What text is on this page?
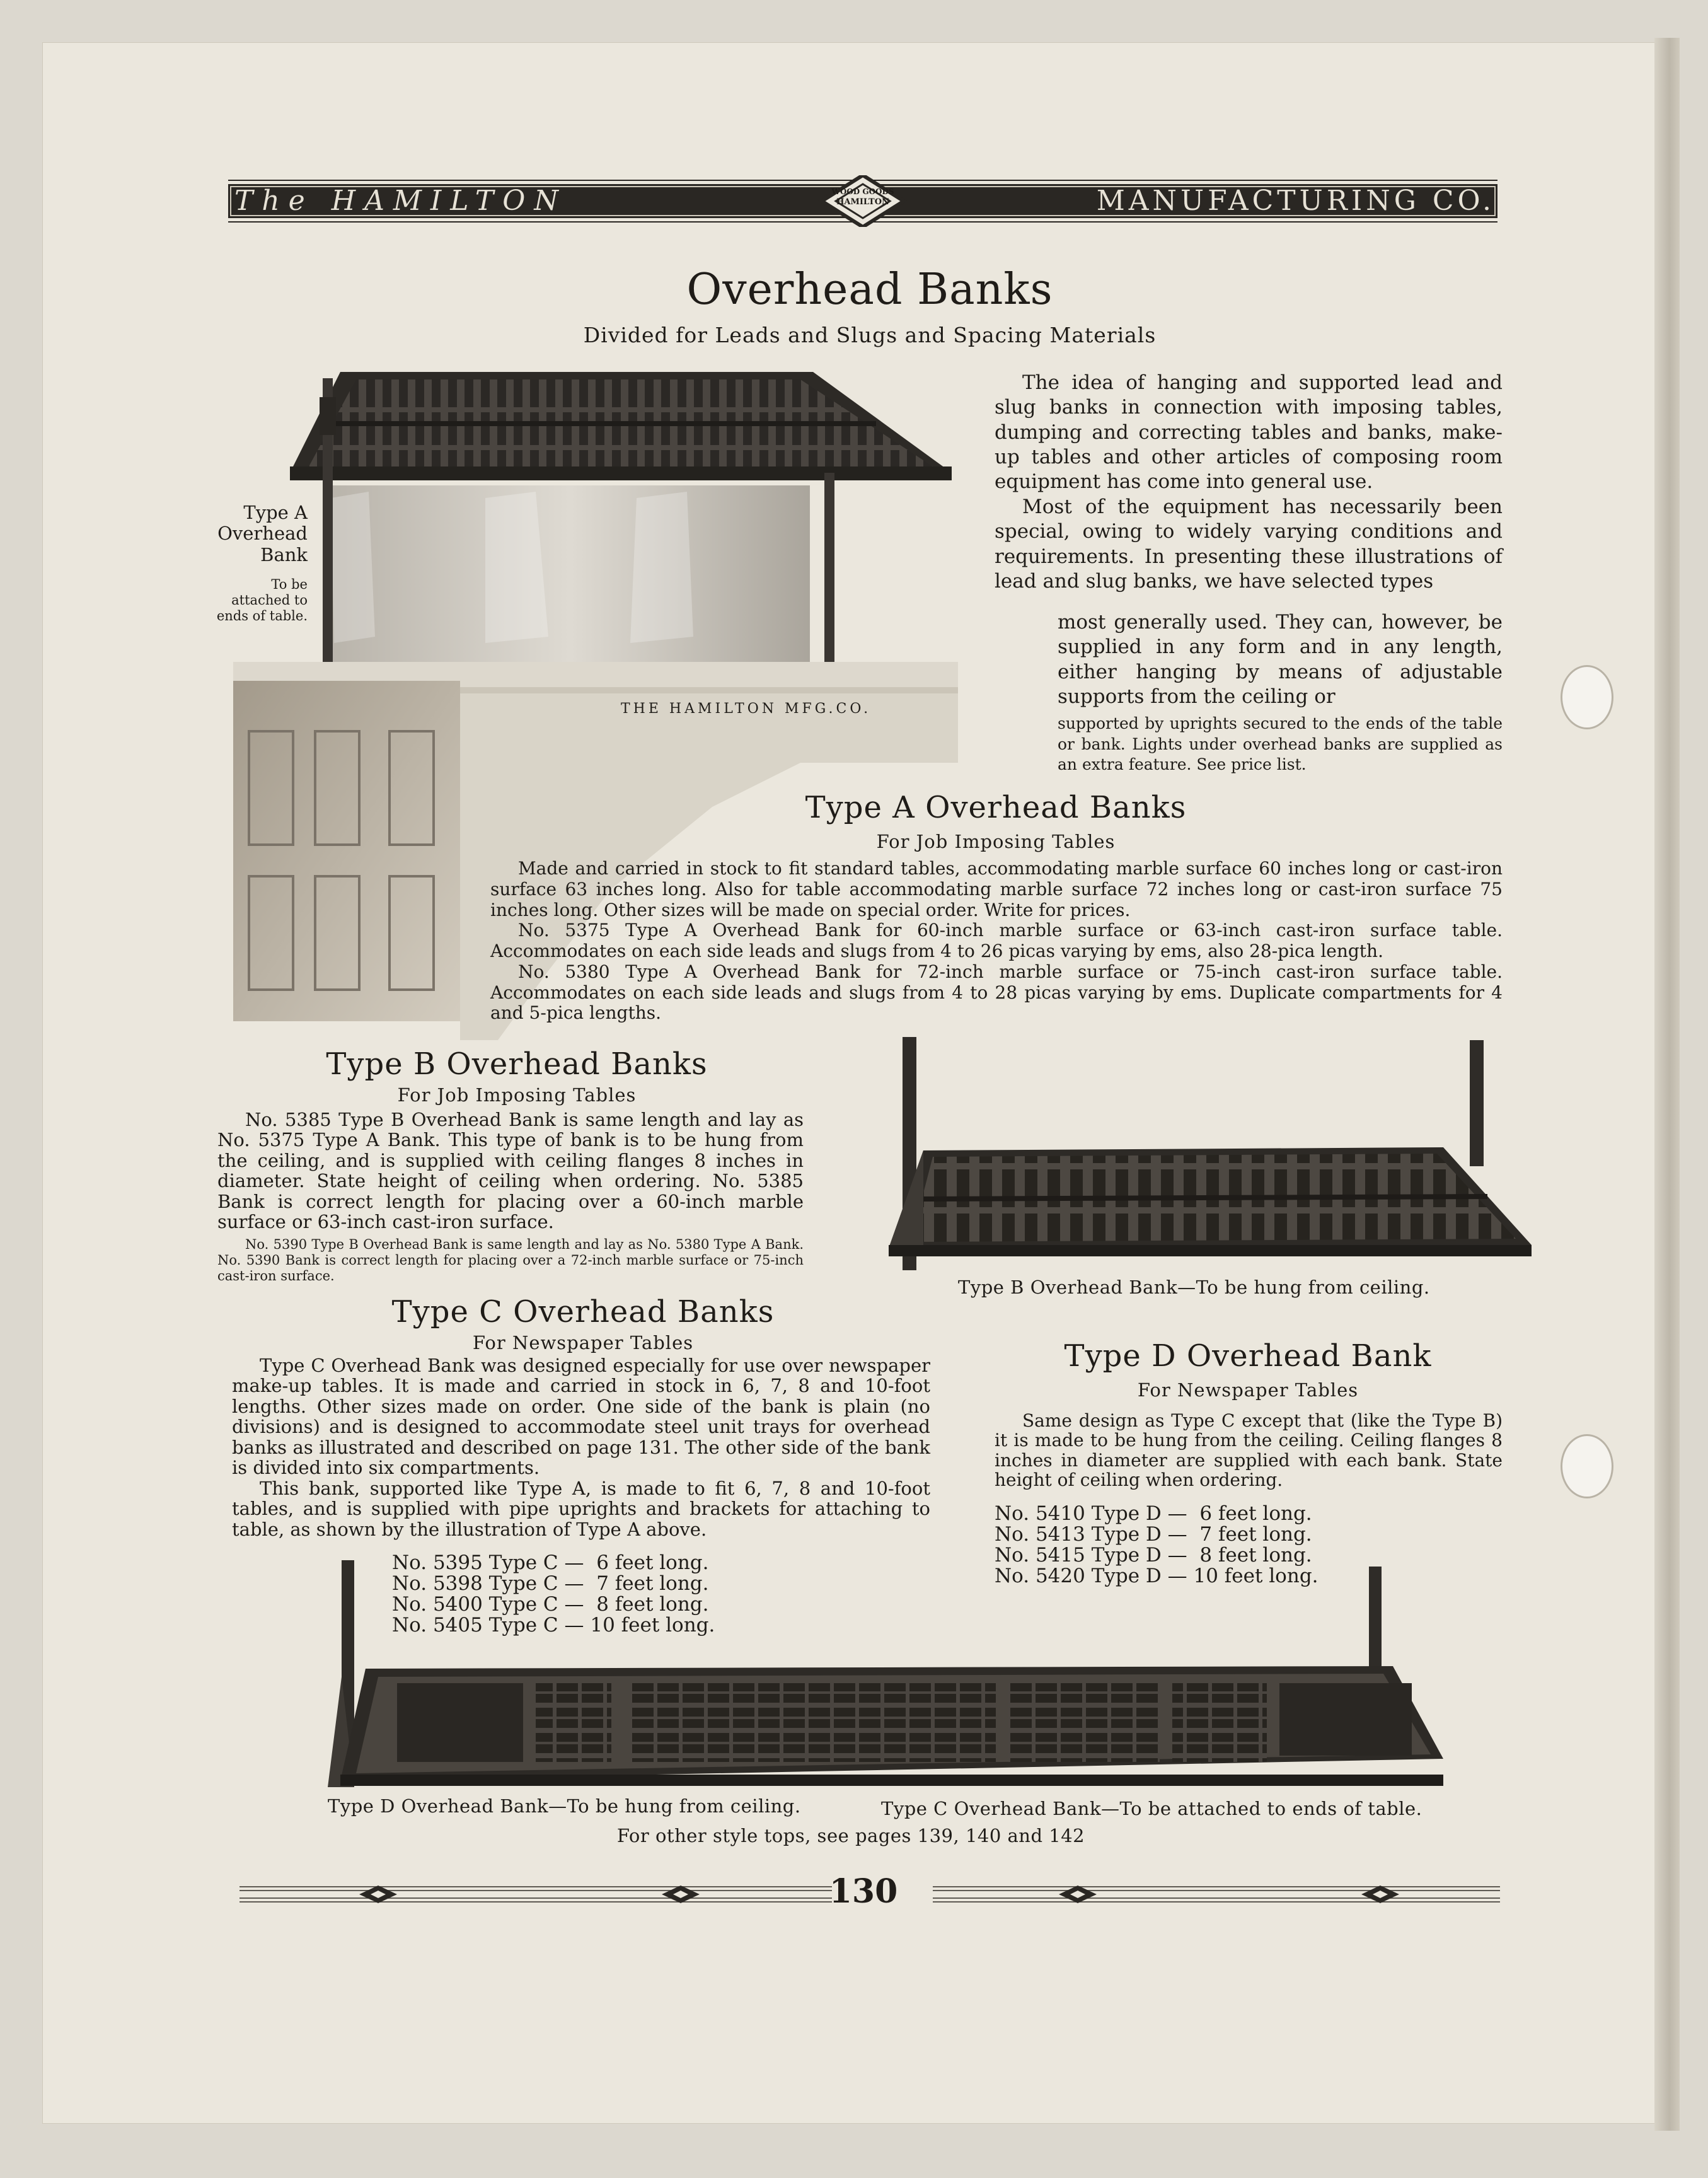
The HAMILTON	MANUFACTURING CO.
WOOD GOODS
HAMILTON
Overhead Banks
Divided for Leads and Slugs and Spacing Materials
THE HAMILTON MFG.CO.
Type A
Overhead
Bank
To be
attached to
ends of table.

The idea of hanging and supported lead and slug banks in connection with imposing tables, dumping and correcting tables and banks, make-up tables and other articles of composing room equipment has come into general use.

Most of the equipment has necessarily been special, owing to widely varying conditions and requirements. In presenting these illustrations of lead and slug banks, we have selected types

most generally used. They can, however, be supplied in any form and in any length, either hanging by means of adjustable supports from the ceiling or
supported by uprights secured to the ends of the table or bank. Lights under overhead banks are supplied as an extra feature. See price list.
Type A Overhead Banks
For Job Imposing Tables

Made and carried in stock to fit standard tables, accommodating marble surface 60 inches long or cast-iron surface 63 inches long. Also for table accommodating marble surface 72 inches long or cast-iron surface 75 inches long. Other sizes will be made on special order. Write for prices.

No. 5375 Type A Overhead Bank for 60-inch marble surface or 63-inch cast-iron surface table. Accommodates on each side leads and slugs from 4 to 26 picas varying by ems, also 28-pica length.

No. 5380 Type A Overhead Bank for 72-inch marble surface or 75-inch cast-iron surface table. Accommodates on each side leads and slugs from 4 to 28 picas varying by ems. Duplicate compartments for 4 and 5-pica lengths.

Type B Overhead Banks
For Job Imposing Tables

No. 5385 Type B Overhead Bank is same length and lay as No. 5375 Type A Bank. This type of bank is to be hung from the ceiling, and is supplied with ceiling flanges 8 inches in diameter. State height of ceiling when ordering. No. 5385 Bank is correct length for placing over a 60-inch marble surface or 63-inch cast-iron surface.

No. 5390 Type B Overhead Bank is same length and lay as No. 5380 Type A Bank. No. 5390 Bank is correct length for placing over a 72-inch marble surface or 75-inch cast-iron surface.

Type B Overhead Bank—To be hung from ceiling.
Type C Overhead Banks
For Newspaper Tables

Type C Overhead Bank was designed especially for use over newspaper make-up tables. It is made and carried in stock in 6, 7, 8 and 10-foot lengths. Other sizes made on order. One side of the bank is plain (no divisions) and is designed to accommodate steel unit trays for overhead banks as illustrated and described on page 131. The other side of the bank is divided into six compartments.

This bank, supported like Type A, is made to fit 6, 7, 8 and 10-foot tables, and is supplied with pipe uprights and brackets for attaching to table, as shown by the illustration of Type A above.

No. 5395 Type C —  6 feet long.
No. 5398 Type C —  7 feet long.
No. 5400 Type C —  8 feet long.
No. 5405 Type C — 10 feet long.
Type D Overhead Bank
For Newspaper Tables

Same design as Type C except that (like the Type B) it is made to be hung from the ceiling. Ceiling flanges 8 inches in diameter are supplied with each bank. State height of ceiling when ordering.

No. 5410 Type D —  6 feet long.
No. 5413 Type D —  7 feet long.
No. 5415 Type D —  8 feet long.
No. 5420 Type D — 10 feet long.
Type D Overhead Bank—To be hung from ceiling.	Type C Overhead Bank—To be attached to ends of table.
For other style tops, see pages 139, 140 and 142
130
